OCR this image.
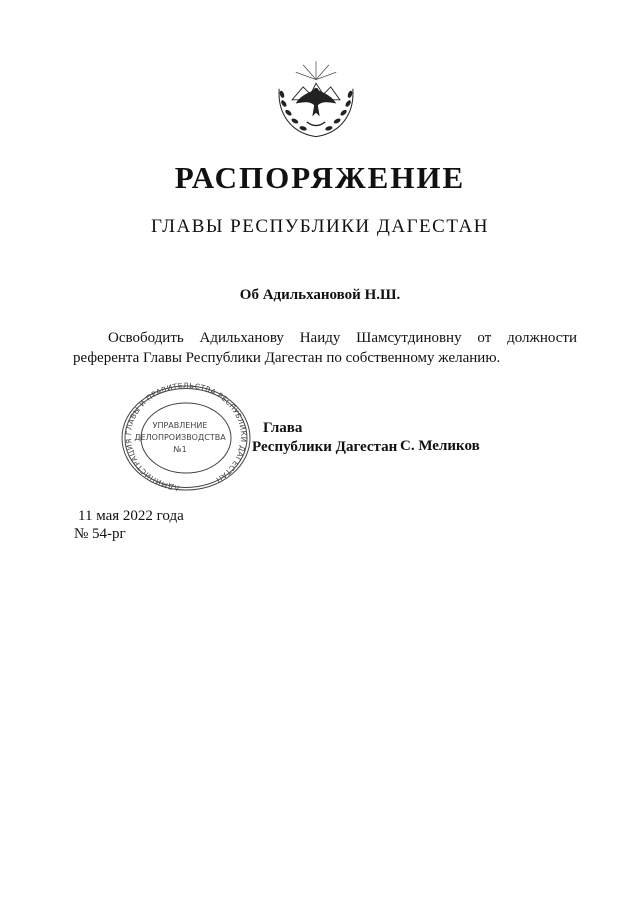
РАСПОРЯЖЕНИЕ
ГЛАВЫ РЕСПУБЛИКИ ДАГЕСТАН
Об Адильхановой Н.Ш.

Освободить Адильханову Наиду Шамсутдиновну от должности референта Главы Республики Дагестан по собственному желанию.

АДМИНИСТРАЦИЯ ГЛАВЫ И ПРАВИТЕЛЬСТВА РЕСПУБЛИКИ ДАГЕСТАН
УПРАВЛЕНИЕ
ДЕЛОПРОИЗВОДСТВА
№1
Глава
Республики Дагестан С. Меликов
11 мая 2022 года
№ 54-рг
